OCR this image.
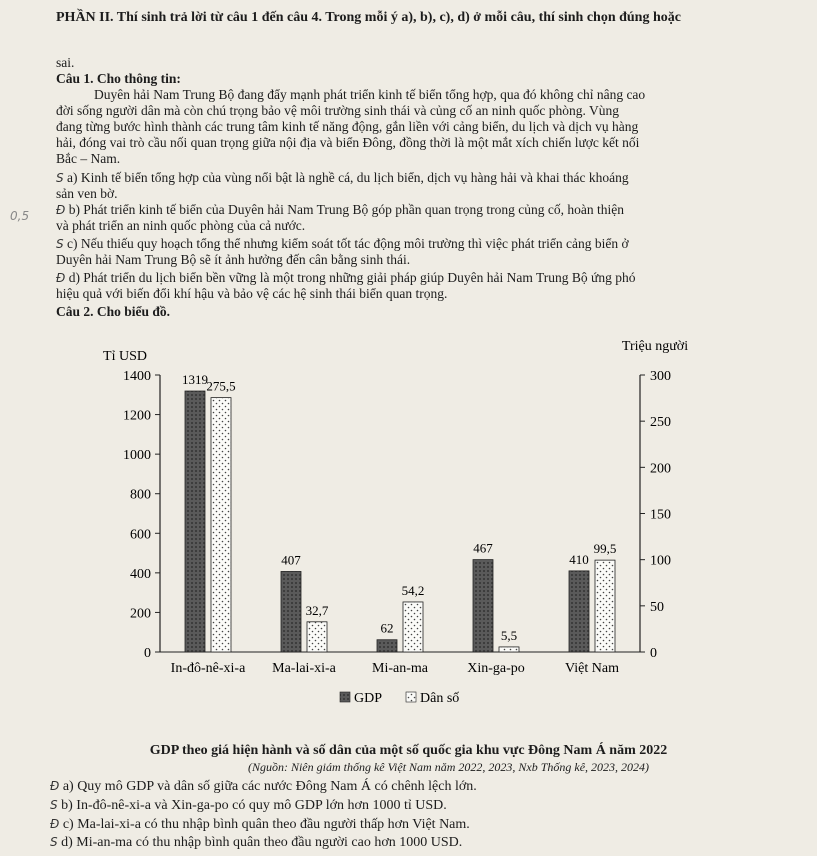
PHẦN II. Thí sinh trả lời từ câu 1 đến câu 4. Trong mỗi ý a), b), c), d) ở mỗi câu, thí sinh chọn đúng hoặc
sai.
Câu 1. Cho thông tin:
Duyên hải Nam Trung Bộ đang đẩy mạnh phát triển kinh tế biển tổng hợp, qua đó không chỉ nâng cao
đời sống người dân mà còn chú trọng bảo vệ môi trường sinh thái và củng cố an ninh quốc phòng. Vùng
đang từng bước hình thành các trung tâm kinh tế năng động, gắn liền với cảng biển, du lịch và dịch vụ hàng
hải, đóng vai trò cầu nối quan trọng giữa nội địa và biển Đông, đồng thời là một mắt xích chiến lược kết nối
Bắc – Nam.
S a) Kinh tế biển tổng hợp của vùng nổi bật là nghề cá, du lịch biển, dịch vụ hàng hải và khai thác khoáng
sản ven bờ.
0,5 Đ b) Phát triển kinh tế biển của Duyên hải Nam Trung Bộ góp phần quan trọng trong củng cố, hoàn thiện
và phát triển an ninh quốc phòng của cả nước.
S c) Nếu thiếu quy hoạch tổng thể nhưng kiểm soát tốt tác động môi trường thì việc phát triển cảng biển ở
Duyên hải Nam Trung Bộ sẽ ít ảnh hưởng đến cân bằng sinh thái.
Đ d) Phát triển du lịch biển bền vững là một trong những giải pháp giúp Duyên hải Nam Trung Bộ ứng phó
hiệu quả với biến đổi khí hậu và bảo vệ các hệ sinh thái biển quan trọng.
Câu 2. Cho biểu đồ.
Tỉ USD
Triệu người
0
200
400
600
800
1000
1200
1400
0
50
100
150
200
250
300
1319
275,5
407
32,7
62
54,2
467
5,5
410
99,5
In-đô-nê-xi-a Ma-lai-xi-a	Mi-an-ma	Xin-ga-po	Việt Nam
GDP	Dân số
GDP theo giá hiện hành và số dân của một số quốc gia khu vực Đông Nam Á năm 2022
(Nguồn: Niên giám thống kê Việt Nam năm 2022, 2023, Nxb Thống kê, 2023, 2024)
Đ a) Quy mô GDP và dân số giữa các nước Đông Nam Á có chênh lệch lớn.
S b) In-đô-nê-xi-a và Xin-ga-po có quy mô GDP lớn hơn 1000 tỉ USD.
Đ c) Ma-lai-xi-a có thu nhập bình quân theo đầu người thấp hơn Việt Nam.
S d) Mi-an-ma có thu nhập bình quân theo đầu người cao hơn 1000 USD.
